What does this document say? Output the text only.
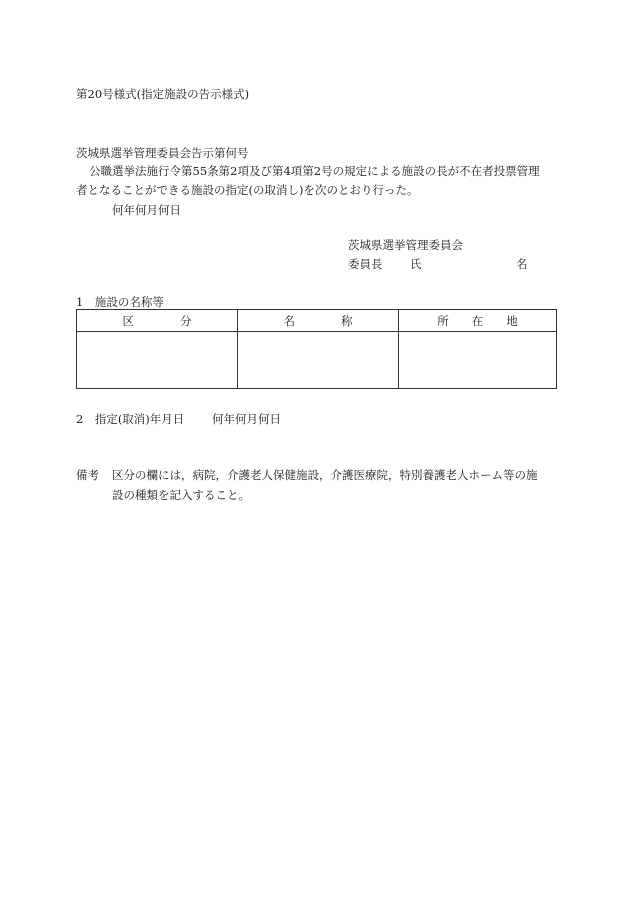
第20号様式(指定施設の告示様式)
茨城県選挙管理委員会告示第何号
公職選挙法施行令第55条第2項及び第4項第2号の規定による施設の長が不在者投票管理
者となることができる施設の指定(の取消し)を次のとおり行った。
何年何月何日
茨城県選挙管理委員会
委員長 氏	名
1　施設の名称等
区　　　　分	名　　　　称	所　　在　　地

2　指定(取消)年月日 何年何月何日
備考 区分の欄には，病院，介護老人保健施設，介護医療院，特別養護老人ホーム等の施
設の種類を記入すること。
